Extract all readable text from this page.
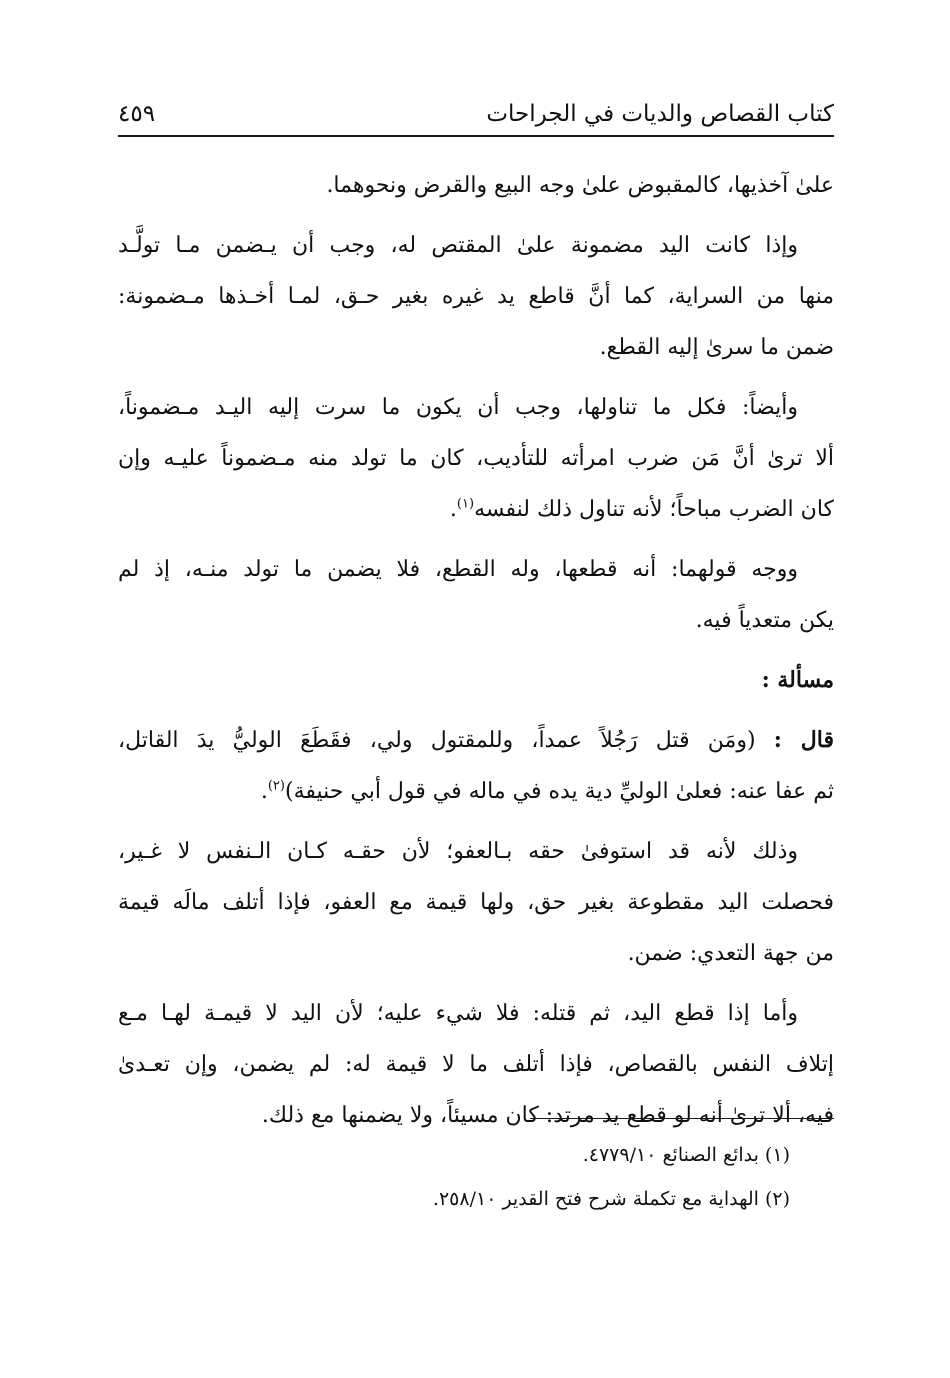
كتاب القصاص والديات في الجراحات
٤٥٩
علىٰ آخذيها، كالمقبوض علىٰ وجه البيع والقرض ونحوهما.
وإذا كانت اليد مضمونة علىٰ المقتص له، وجب أن يـضمن مـا تولَّـد
منها من السراية، كما أنَّ قاطع يد غيره بغير حـق، لمـا أخـذها مـضمونة:
ضمن ما سرىٰ إليه القطع.
وأيضاً: فكل ما تناولها، وجب أن يكون ما سرت إليه اليـد مـضموناً،
ألا ترىٰ أنَّ مَن ضرب امرأته للتأديب، كان ما تولد منه مـضموناً عليـه وإن
كان الضرب مباحاً؛ لأنه تناول ذلك لنفسه$^{(١)}$.
ووجه قولهما: أنه قطعها، وله القطع، فلا يضمن ما تولد منـه، إذ لم
يكن متعدياً فيه.
مسألة :
قال : (ومَن قتل رَجُلاً عمداً، وللمقتول ولي، فقَطَعَ الوليُّ يدَ القاتل،
ثم عفا عنه: فعلىٰ الوليِّ دية يده في ماله في قول أبي حنيفة)$^{(٢)}$.
وذلك لأنه قد استوفىٰ حقه بـالعفو؛ لأن حقـه كـان الـنفس لا غـير،
فحصلت اليد مقطوعة بغير حق، ولها قيمة مع العفو، فإذا أتلف مالَه قيمة
من جهة التعدي: ضمن.
وأما إذا قطع اليد، ثم قتله: فلا شيء عليه؛ لأن اليد لا قيمـة لهـا مـع
إتلاف النفس بالقصاص، فإذا أتلف ما لا قيمة له: لم يضمن، وإن تعـدىٰ
فيه، ألا ترىٰ أنه لو قطع يد مرتد: كان مسيئاً، ولا يضمنها مع ذلك.
(١) بدائع الصنائع ٤٧٧٩/١٠.
(٢) الهداية مع تكملة شرح فتح القدير ٢٥٨/١٠.
